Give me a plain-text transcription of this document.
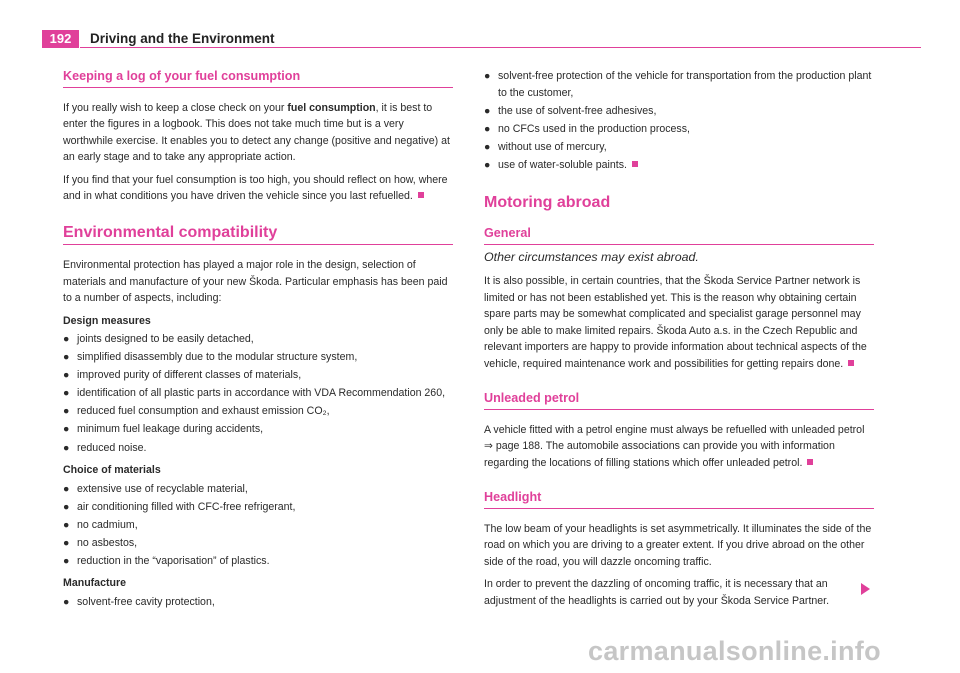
192	Driving and the Environment
Keeping a log of your fuel consumption

If you really wish to keep a close check on your fuel consumption, it is best to enter the figures in a logbook. This does not take much time but is a very worthwhile exercise. It enables you to detect any change (positive and negative) at an early stage and to take any appropriate action.

If you find that your fuel consumption is too high, you should reflect on how, where and in what conditions you have driven the vehicle since you last refuelled.

Environmental compatibility

Environmental protection has played a major role in the design, selection of materials and manufacture of your new Škoda. Particular emphasis has been paid to a number of aspects, including:

Design measures
● joints designed to be easily detached,
● simplified disassembly due to the modular structure system,
● improved purity of different classes of materials,
● identification of all plastic parts in accordance with VDA Recommendation 260,
● reduced fuel consumption and exhaust emission CO₂,
● minimum fuel leakage during accidents,
● reduced noise.
Choice of materials
● extensive use of recyclable material,
● air conditioning filled with CFC-free refrigerant,
● no cadmium,
● no asbestos,
● reduction in the “vaporisation” of plastics.
Manufacture
● solvent-free cavity protection,
● solvent-free protection of the vehicle for transportation from the production plant to the customer,
● the use of solvent-free adhesives,
● no CFCs used in the production process,
● without use of mercury,
● use of water-soluble paints.
Motoring abroad
General
Other circumstances may exist abroad.

It is also possible, in certain countries, that the Škoda Service Partner network is limited or has not been established yet. This is the reason why obtaining certain spare parts may be somewhat complicated and specialist garage personnel may only be able to make limited repairs. Škoda Auto a.s. in the Czech Republic and relevant importers are happy to provide information about technical aspects of the vehicle, required maintenance work and possibilities for getting repairs done.

Unleaded petrol

A vehicle fitted with a petrol engine must always be refuelled with unleaded petrol ⇒ page 188. The automobile associations can provide you with information regarding the locations of filling stations which offer unleaded petrol.

Headlight

The low beam of your headlights is set asymmetrically. It illuminates the side of the road on which you are driving to a greater extent. If you drive abroad on the other side of the road, you will dazzle oncoming traffic.

In order to prevent the dazzling of oncoming traffic, it is necessary that an adjustment of the headlights is carried out by your Škoda Service Partner.

carmanualsonline.info
